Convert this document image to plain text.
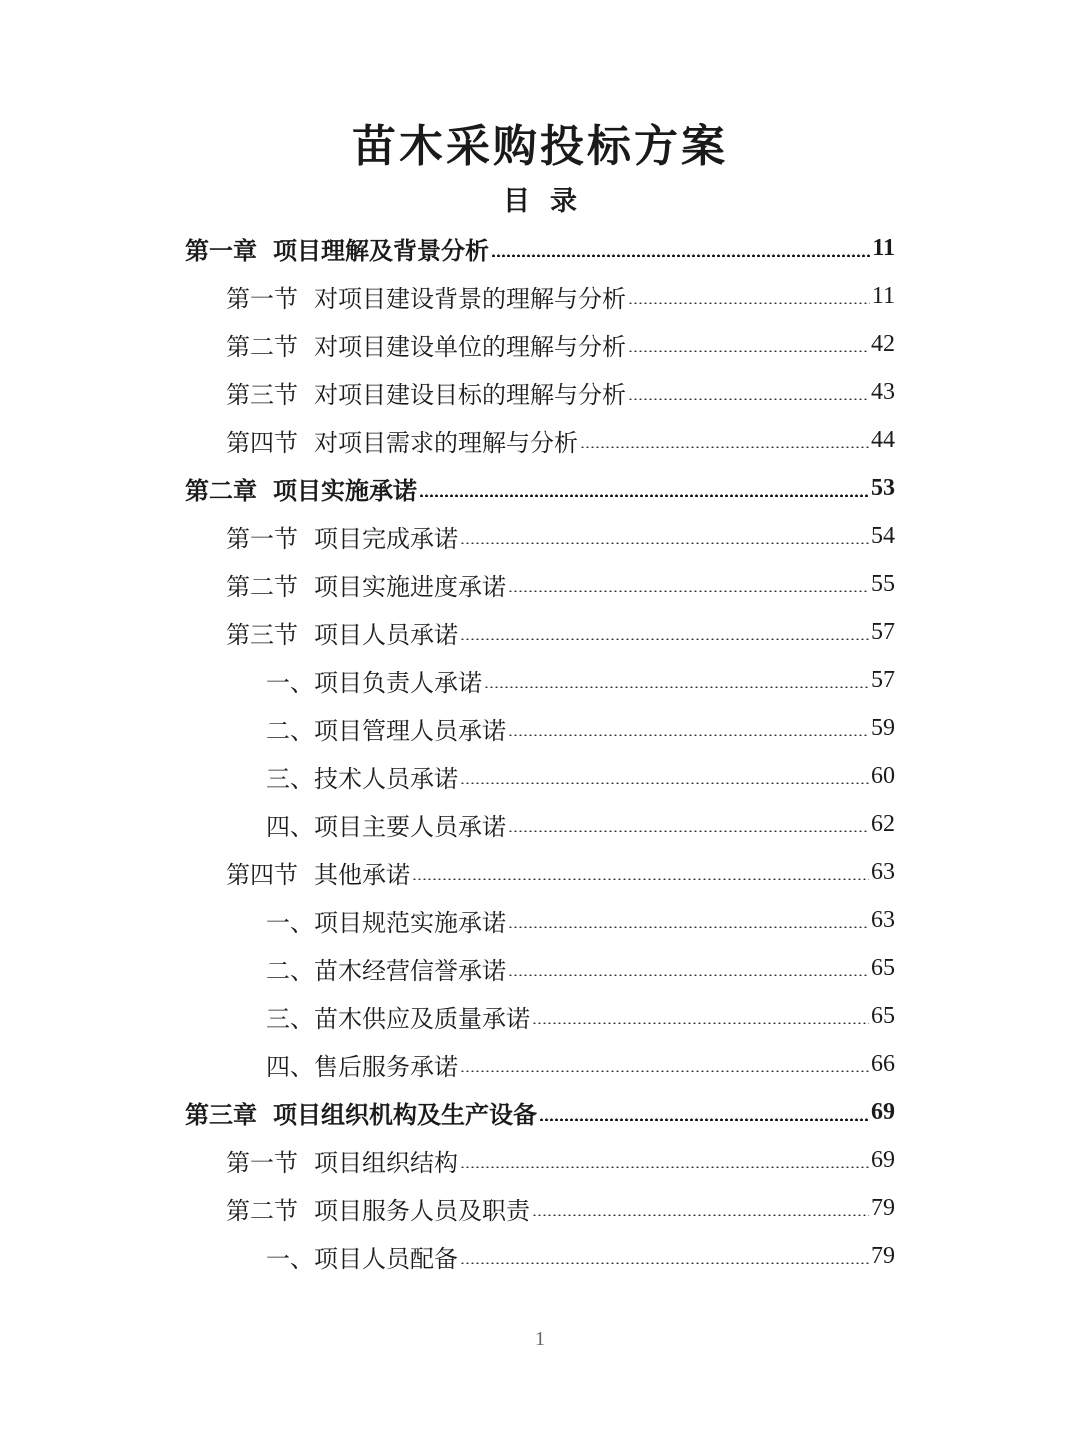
苗木采购投标方案
目 录
第一章 项目理解及背景分析	11
第一节 对项目建设背景的理解与分析	11
第二节 对项目建设单位的理解与分析	42
第三节 对项目建设目标的理解与分析	43
第四节 对项目需求的理解与分析	44
第二章 项目实施承诺	53
第一节 项目完成承诺	54
第二节 项目实施进度承诺	55
第三节 项目人员承诺	57
一、项目负责人承诺	57
二、项目管理人员承诺	59
三、技术人员承诺	60
四、项目主要人员承诺	62
第四节 其他承诺	63
一、项目规范实施承诺	63
二、苗木经营信誉承诺	65
三、苗木供应及质量承诺	65
四、售后服务承诺	66
第三章 项目组织机构及生产设备	69
第一节 项目组织结构	69
第二节 项目服务人员及职责	79
一、项目人员配备	79
1
